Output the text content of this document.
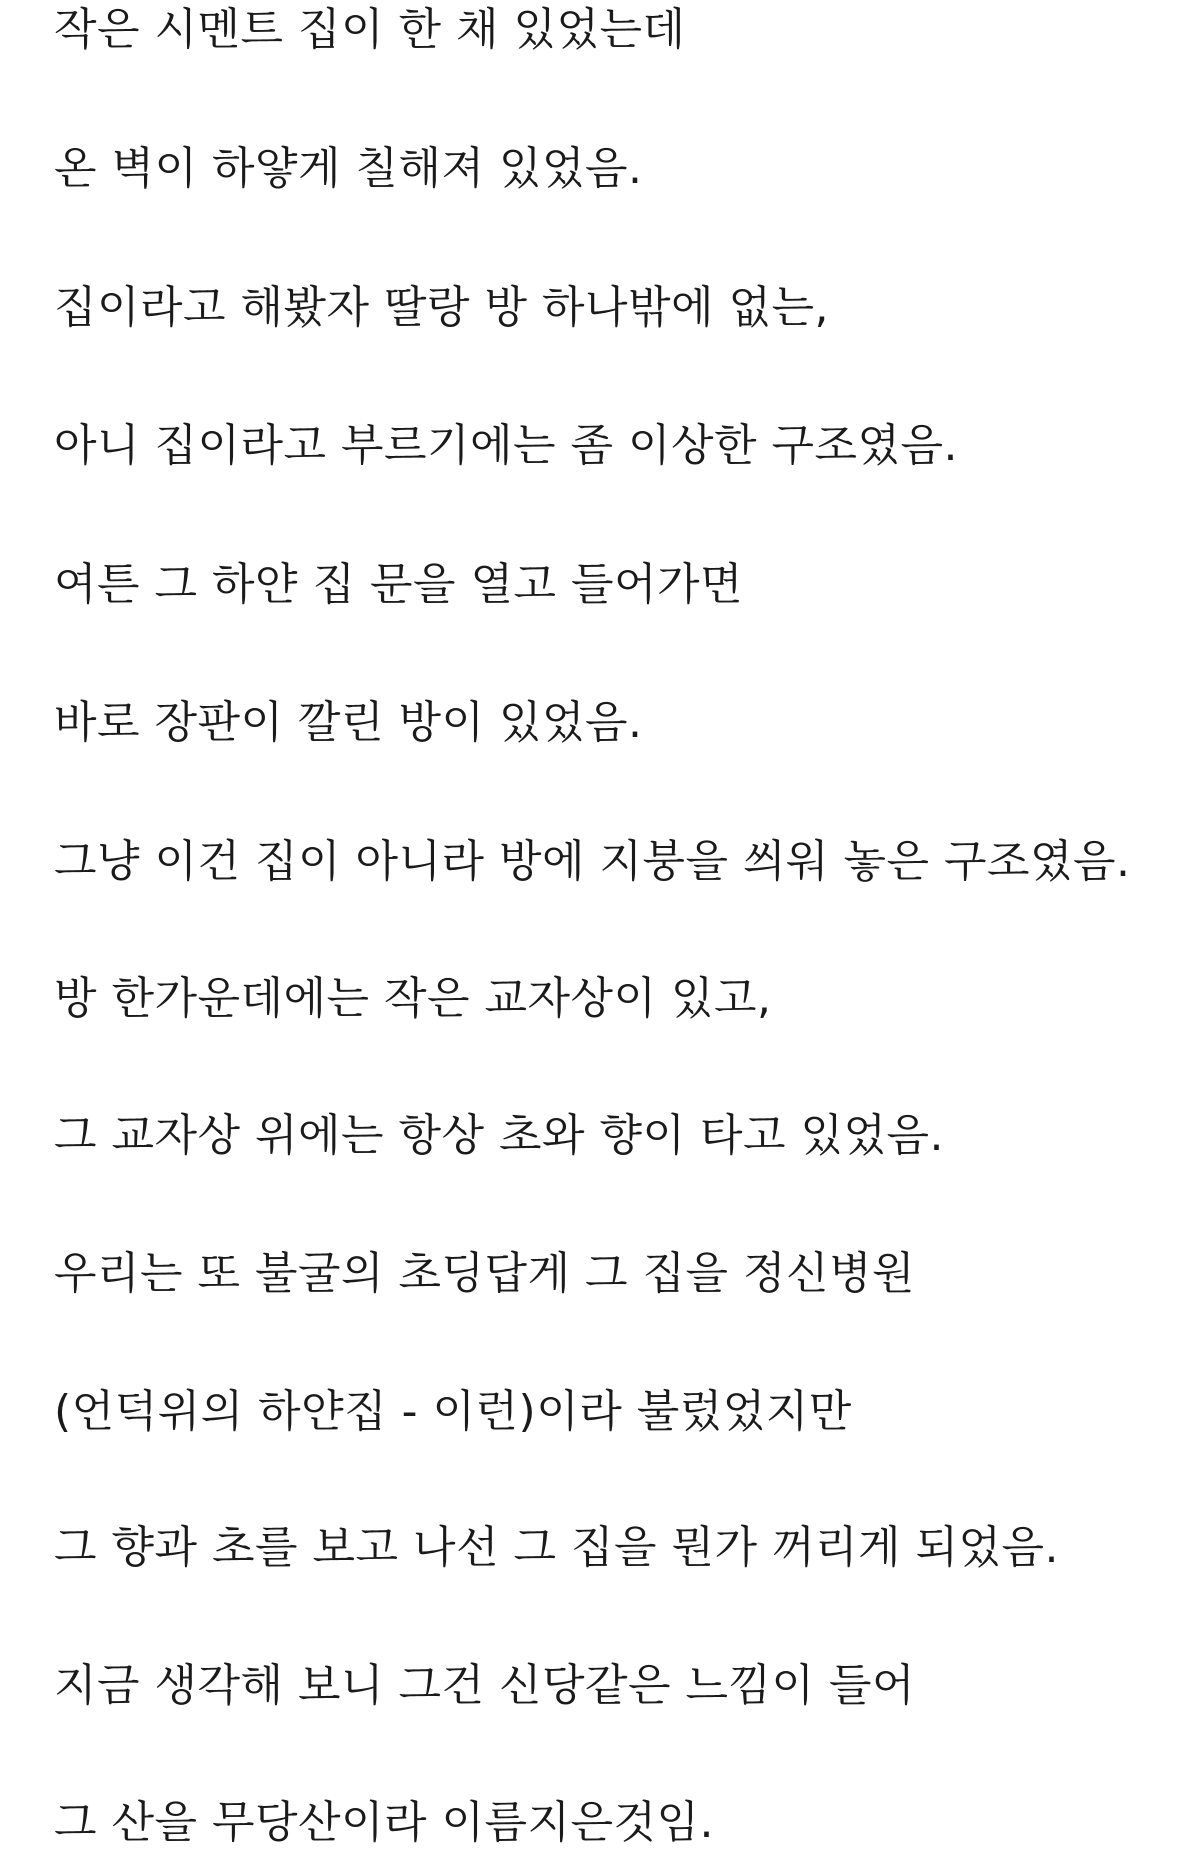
작은 시멘트 집이 한 채 있었는데

온 벽이 하얗게 칠해져 있었음.

집이라고 해봤자 딸랑 방 하나밖에 없는,

아니 집이라고 부르기에는 좀 이상한 구조였음.

여튼 그 하얀 집 문을 열고 들어가면

바로 장판이 깔린 방이 있었음.

그냥 이건 집이 아니라 방에 지붕을 씌워 놓은 구조였음.

방 한가운데에는 작은 교자상이 있고,

그 교자상 위에는 항상 초와 향이 타고 있었음.

우리는 또 불굴의 초딩답게 그 집을 정신병원

(언덕위의 하얀집 - 이런)이라 불렀었지만

그 향과 초를 보고 나선 그 집을 뭔가 꺼리게 되었음.

지금 생각해 보니 그건 신당같은 느낌이 들어

그 산을 무당산이라 이름지은것임.
